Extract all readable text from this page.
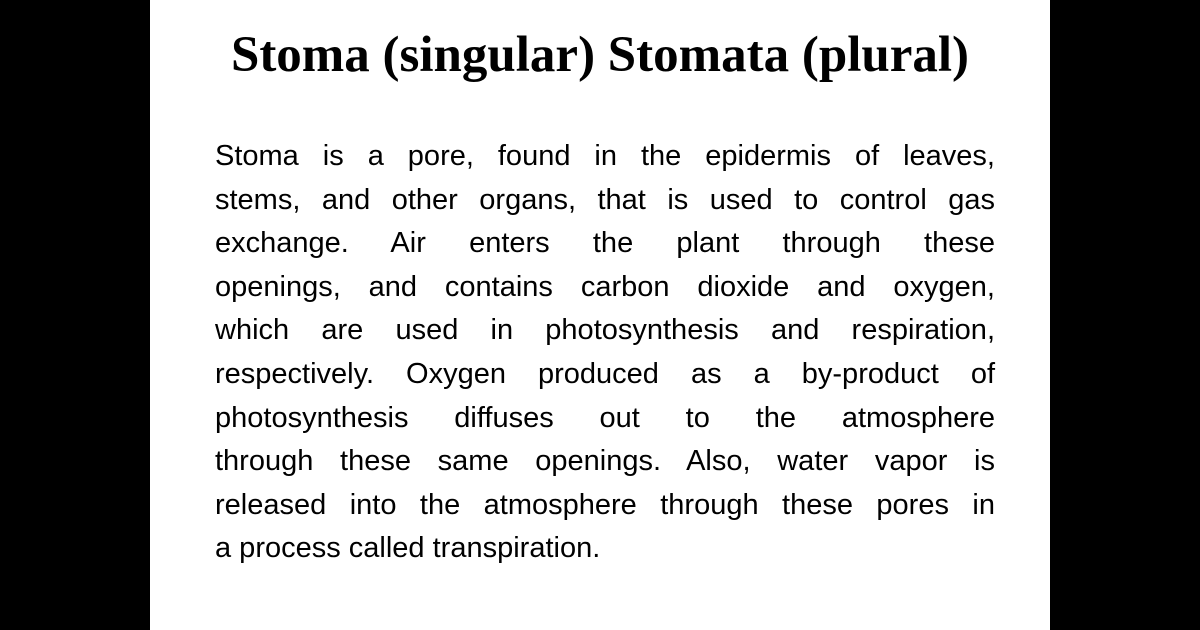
Stoma (singular) Stomata (plural)
Stoma is a pore, found in the epidermis of leaves,
stems, and other organs, that is used to control gas
exchange. Air enters the plant through these
openings, and contains carbon dioxide and oxygen,
which are used in photosynthesis and respiration,
respectively. Oxygen produced as a by-product of
photosynthesis diffuses out to the atmosphere
through these same openings. Also, water vapor is
released into the atmosphere through these pores in
a process called transpiration.
